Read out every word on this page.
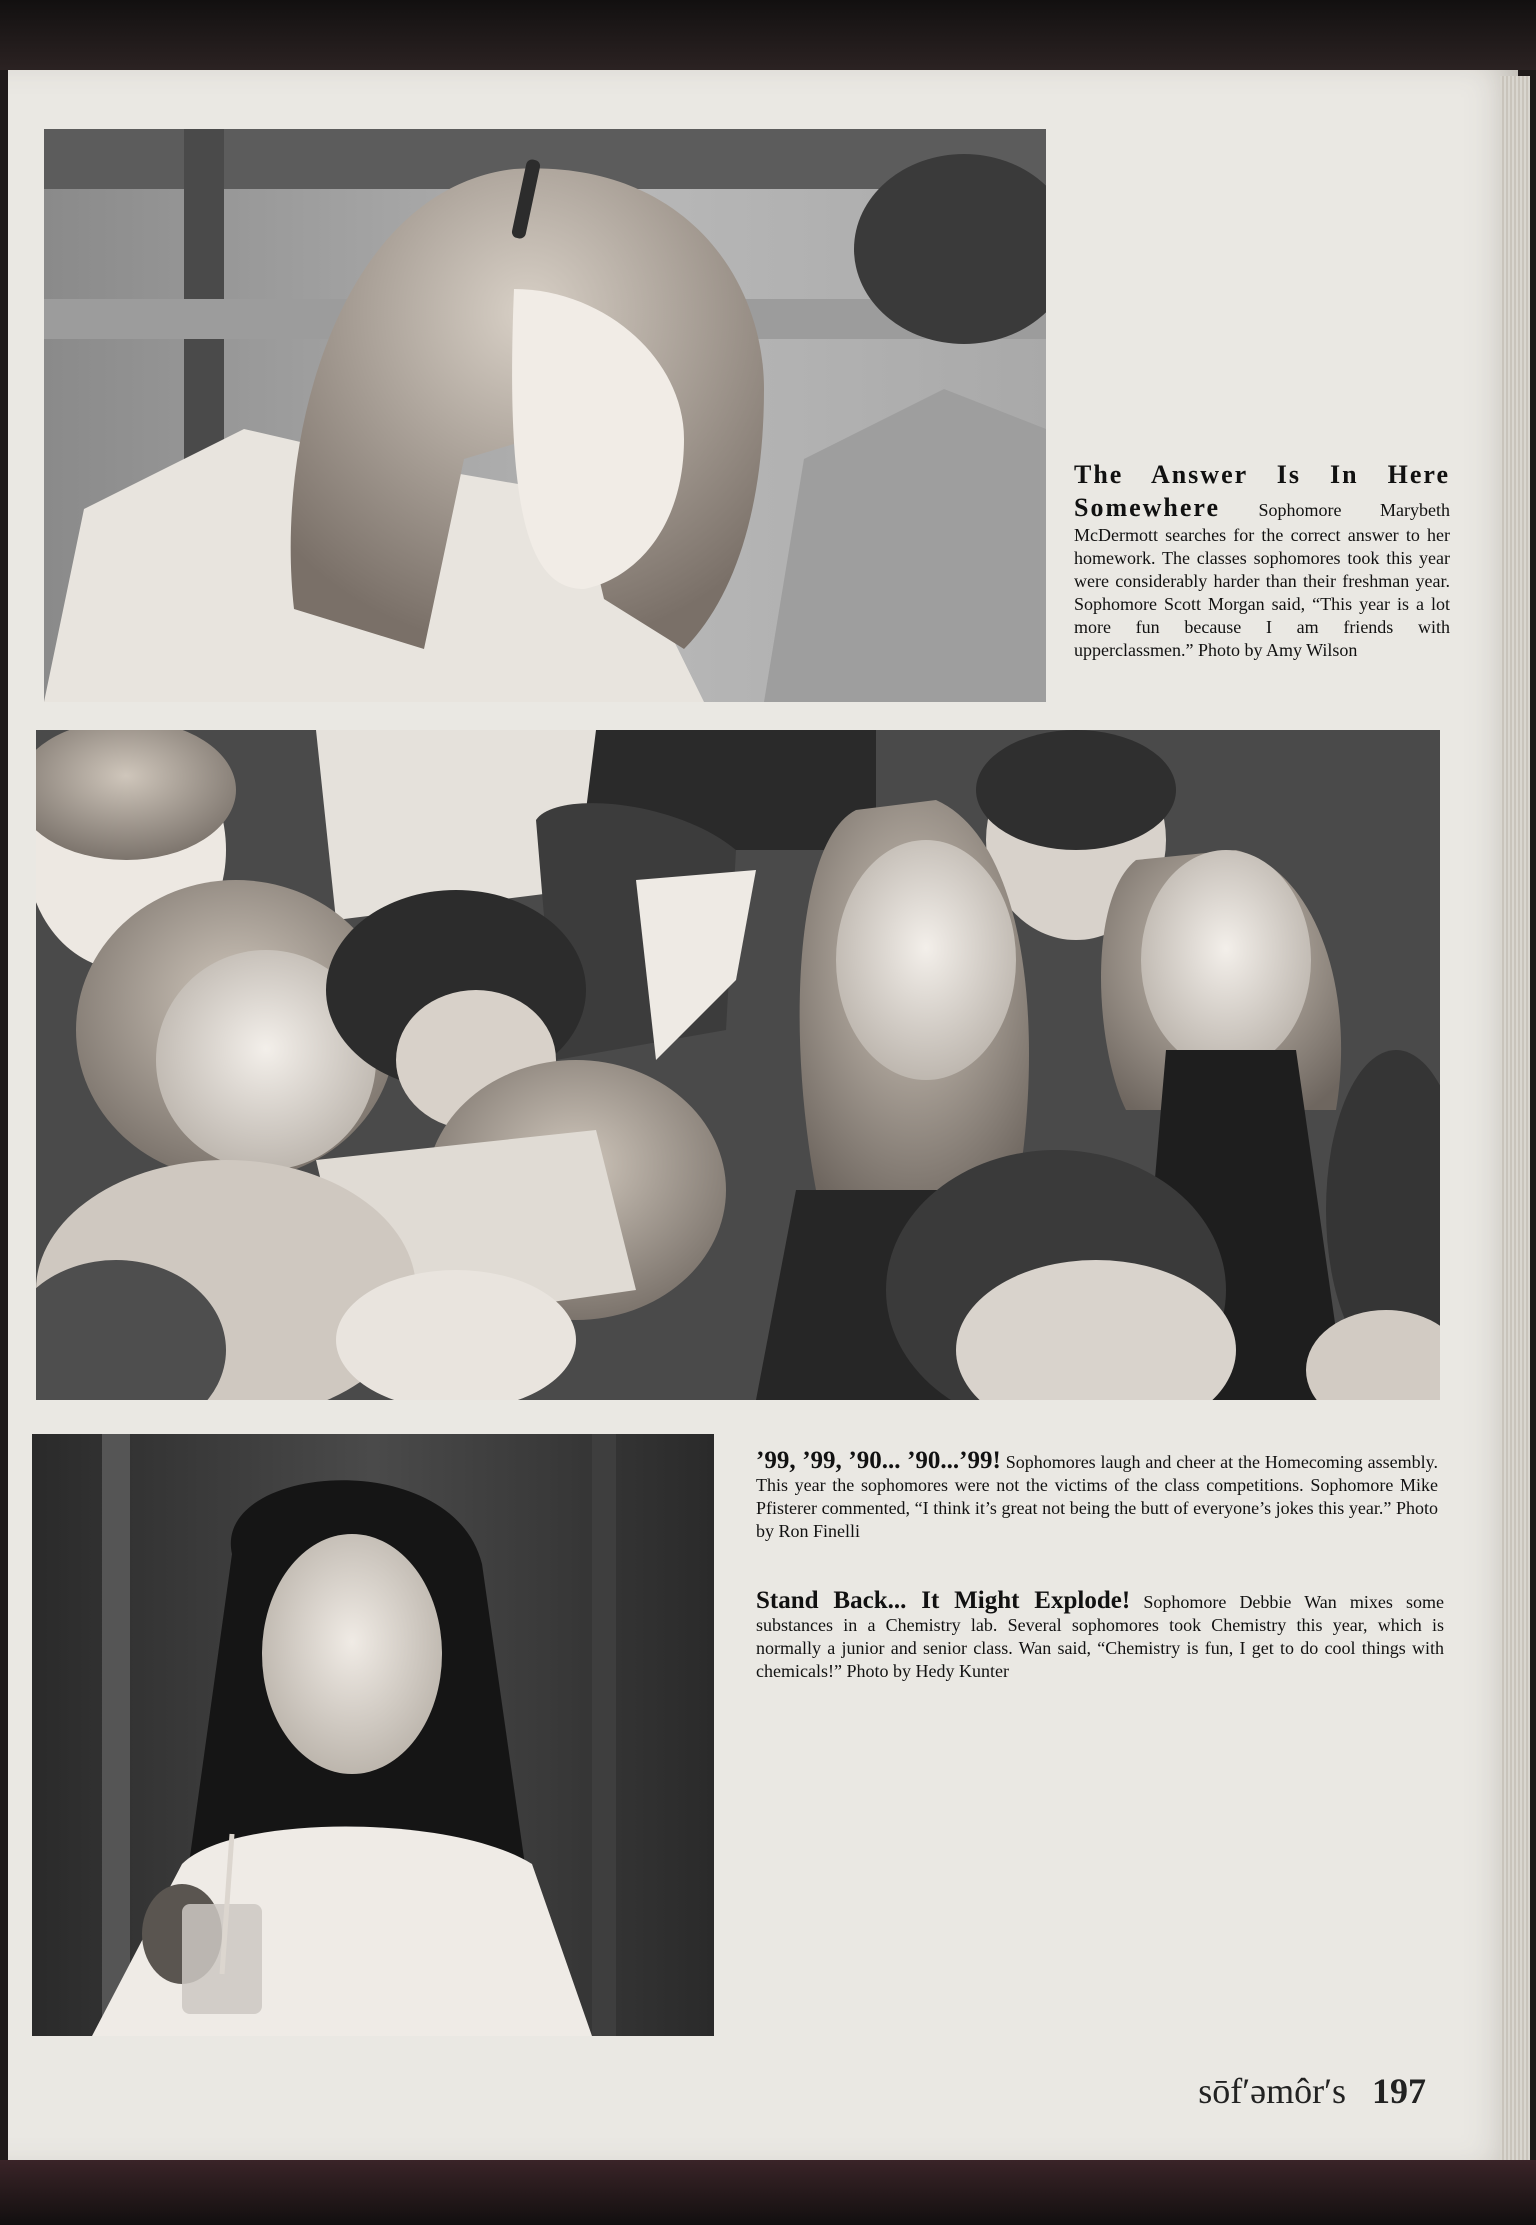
The Answer Is In Here Somewhere Sophomore Marybeth McDermott searches for the correct answer to her homework. The classes sophomores took this year were considerably harder than their freshman year. Sophomore Scott Morgan said, “This year is a lot more fun because I am friends with upperclassmen.” Photo by Amy Wilson
’99, ’99, ’90... ’90...’99! Sophomores laugh and cheer at the Homecoming assembly. This year the sophomores were not the victims of the class competitions. Sophomore Mike Pfisterer commented, “I think it’s great not being the butt of everyone’s jokes this year.” Photo by Ron Finelli
Stand Back... It Might Explode! Sophomore Debbie Wan mixes some substances in a Chemistry lab. Several sophomores took Chemistry this year, which is normally a junior and senior class. Wan said, “Chemistry is fun, I get to do cool things with chemicals!” Photo by Hedy Kunter
sōf′əmôr′s 197
